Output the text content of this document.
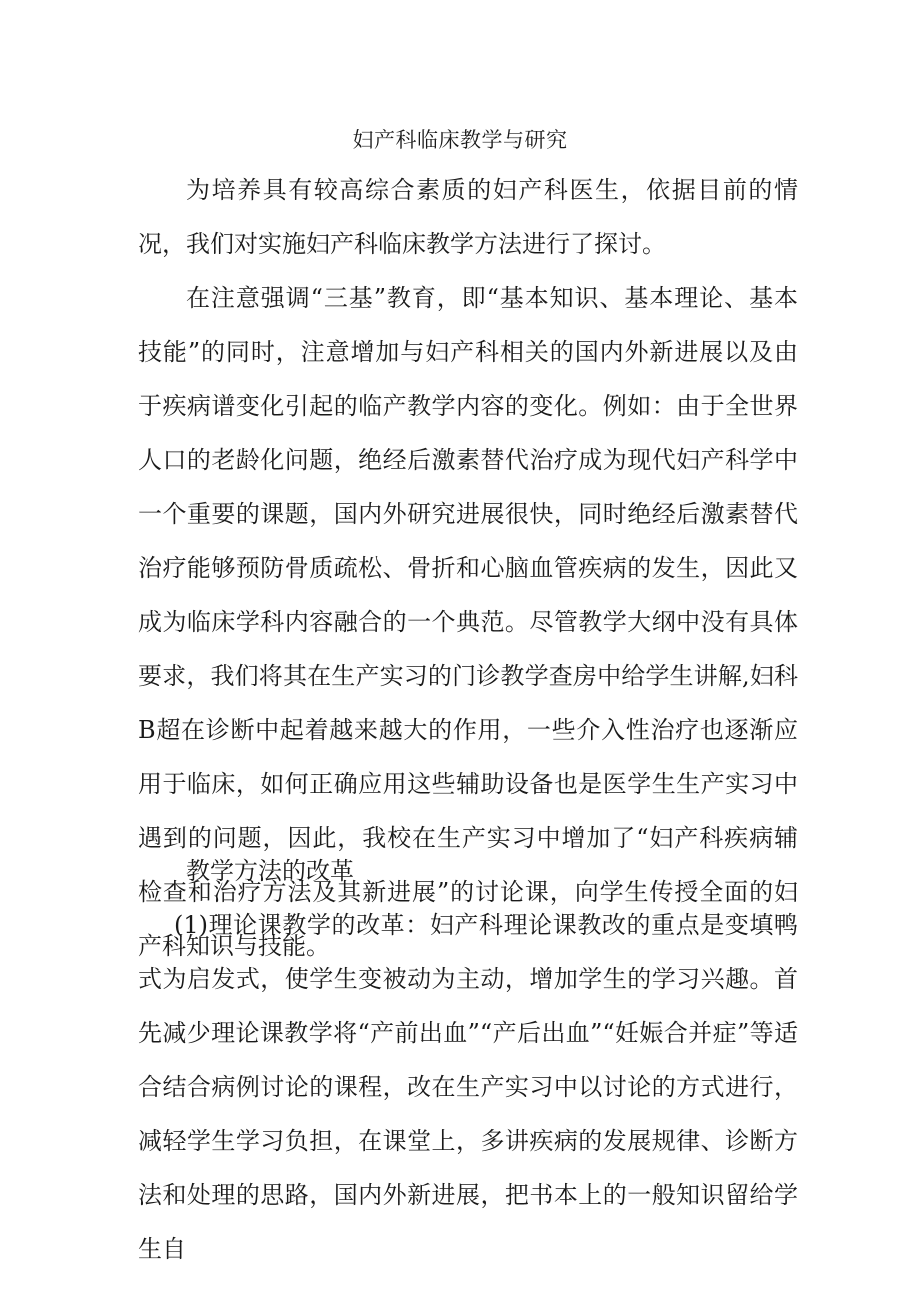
妇产科临床教学与研究

为培养具有较高综合素质的妇产科医生，依据目前的情况，我们对实施妇产科临床教学方法进行了探讨。

在注意强调“三基”教育，即“基本知识、基本理论、基本技能”的同时，注意增加与妇产科相关的国内外新进展以及由于疾病谱变化引起的临产教学内容的变化。例如：由于全世界人口的老龄化问题，绝经后激素替代治疗成为现代妇产科学中一个重要的课题，国内外研究进展很快，同时绝经后激素替代治疗能够预防骨质疏松、骨折和心脑血管疾病的发生，因此又成为临床学科内容融合的一个典范。尽管教学大纲中没有具体要求，我们将其在生产实习的门诊教学查房中给学生讲解,妇科B超在诊断中起着越来越大的作用，一些介入性治疗也逐渐应用于临床，如何正确应用这些辅助设备也是医学生生产实习中遇到的问题，因此，我校在生产实习中增加了“妇产科疾病辅检查和治疗方法及其新进展”的讨论课，向学生传授全面的妇产科知识与技能。

教学方法的改革

(1)理论课教学的改革：妇产科理论课教改的重点是变填鸭式为启发式，使学生变被动为主动，增加学生的学习兴趣。首先减少理论课教学将“产前出血”“产后出血”“妊娠合并症”等适合结合病例讨论的课程，改在生产实习中以讨论的方式进行，减轻学生学习负担，在课堂上，多讲疾病的发展规律、诊断方法和处理的思路，国内外新进展，把书本上的一般知识留给学生自
